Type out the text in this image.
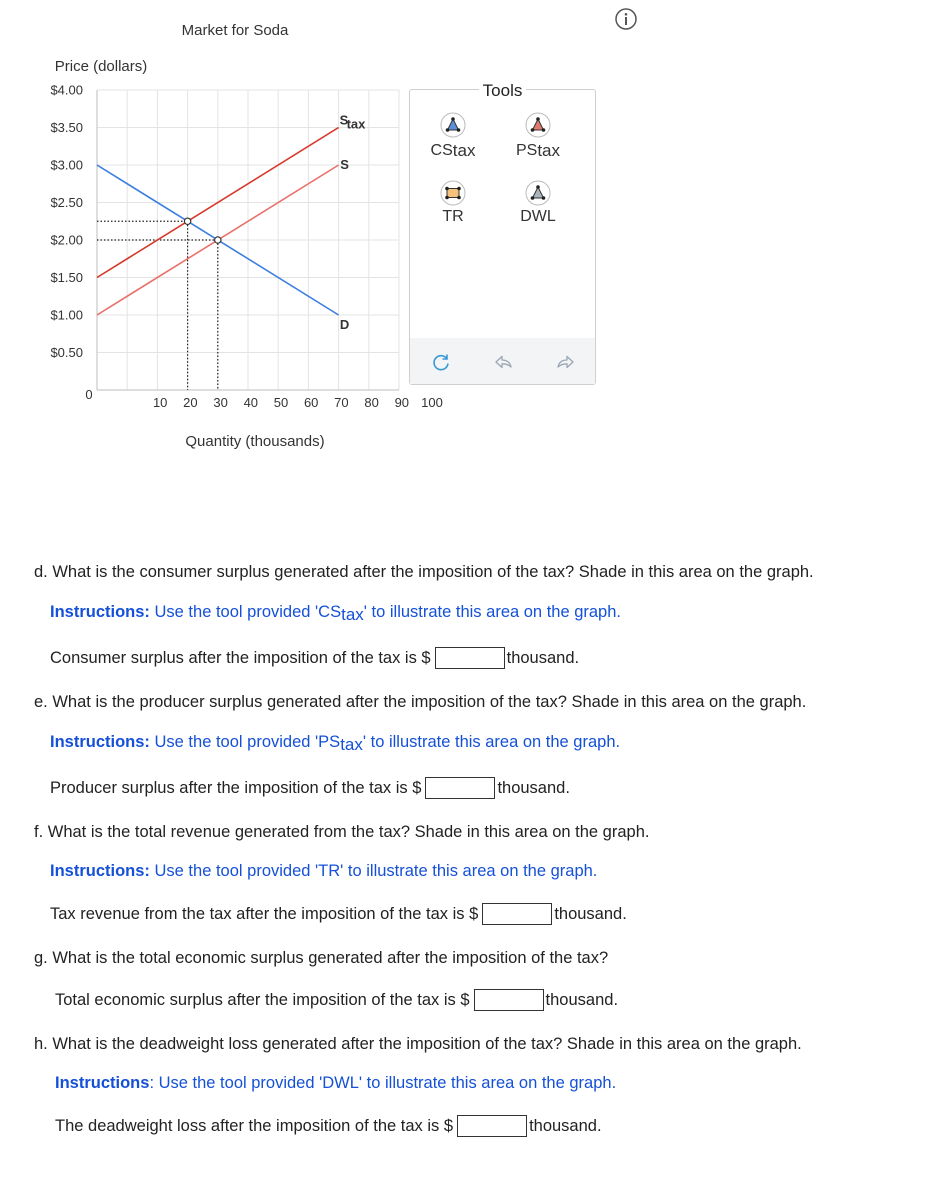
Market for Soda
Price (dollars)
Quantity (thousands)
$4.00
$3.50
$3.00
$2.50
$2.00
$1.50
$1.00
$0.50
10 20 30 40 50 60 70 80 90 100
0
D
S
S
tax
Tools
CStax	PStax
TR	DWL
d. What is the consumer surplus generated after the imposition of the tax? Shade in this area on the graph.
Instructions: Use the tool provided 'CStax' to illustrate this area on the graph.
Consumer surplus after the imposition of the tax is $	thousand.
e. What is the producer surplus generated after the imposition of the tax? Shade in this area on the graph.
Instructions: Use the tool provided 'PStax' to illustrate this area on the graph.
Producer surplus after the imposition of the tax is $	thousand.
f. What is the total revenue generated from the tax? Shade in this area on the graph.
Instructions: Use the tool provided 'TR' to illustrate this area on the graph.
Tax revenue from the tax after the imposition of the tax is $	thousand.
g. What is the total economic surplus generated after the imposition of the tax?
Total economic surplus after the imposition of the tax is $	thousand.
h. What is the deadweight loss generated after the imposition of the tax? Shade in this area on the graph.
Instructions: Use the tool provided 'DWL' to illustrate this area on the graph.
The deadweight loss after the imposition of the tax is $	thousand.
